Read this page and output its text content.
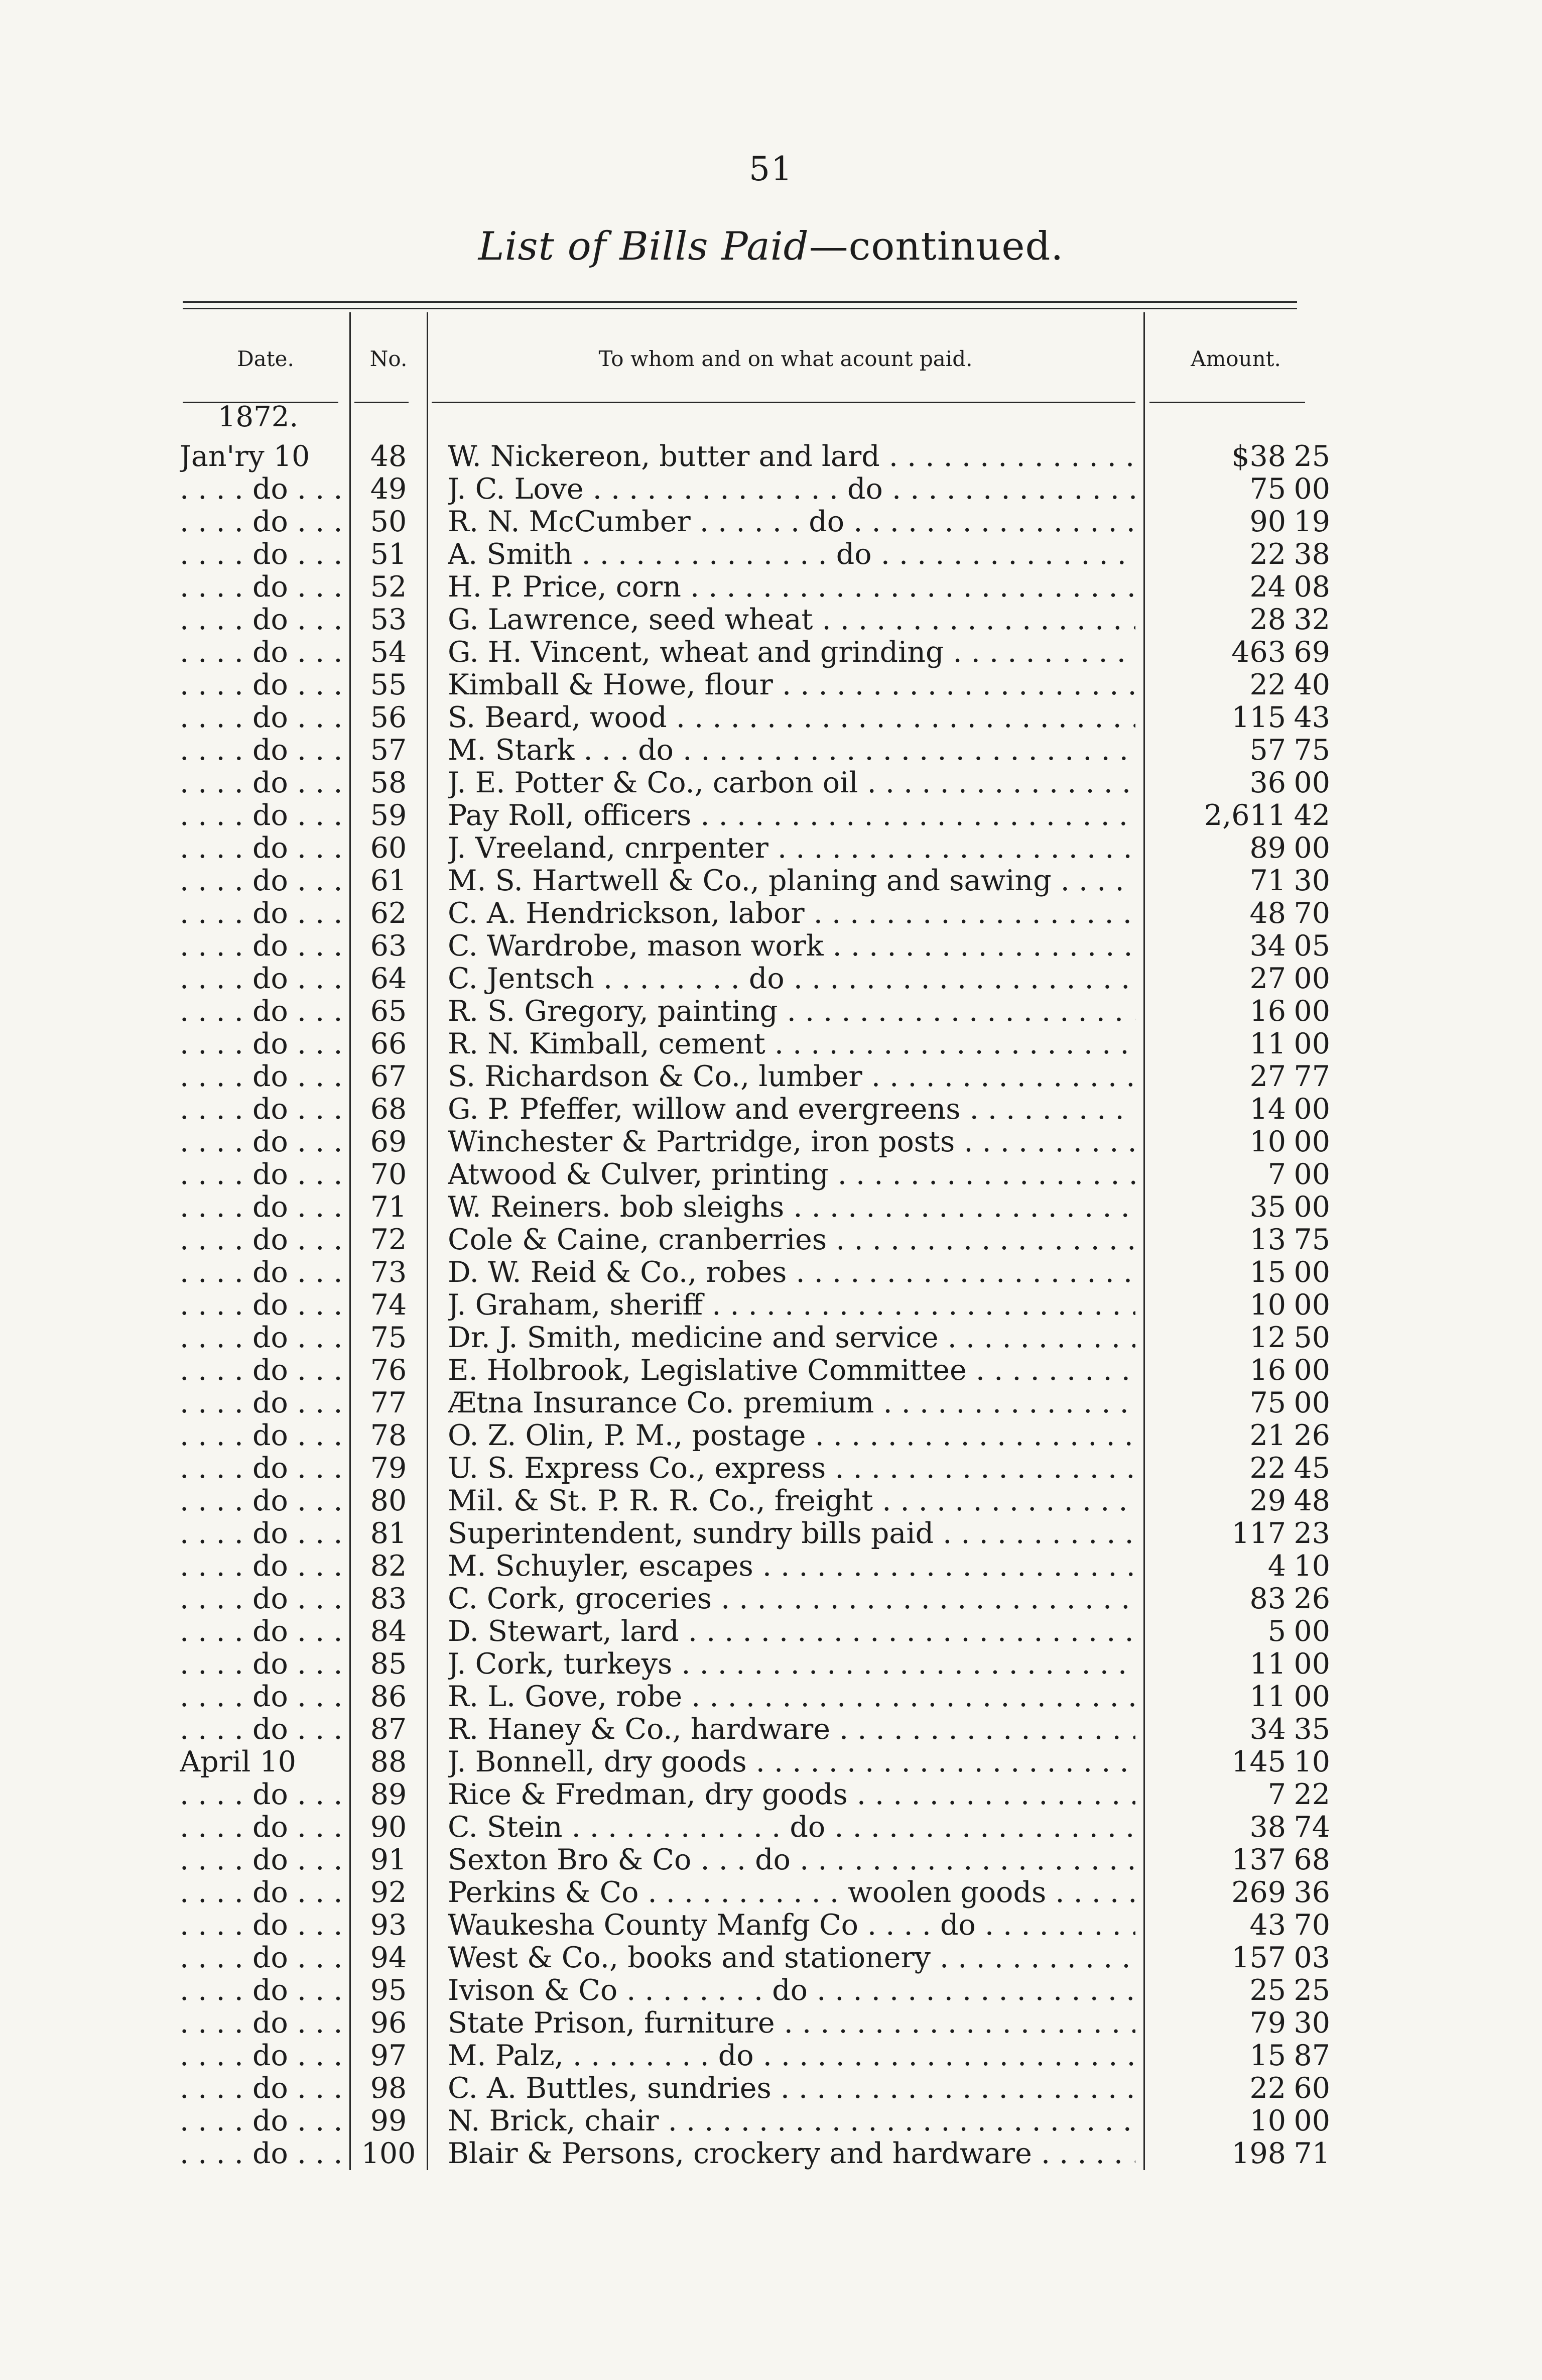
51
List of Bills Paid—continued.
Date.	No.	To whom and on what acount paid.	Amount.
1872.
Jan'ry 10	48	W. Nickereon, butter and lard . . .	$38 25
. . . . do . . .	49	J. C. Love . . . . . . . . . . . . . . do . . .	75 00
. . . . do . . .	50	R. N. McCumber . . . . . . do . . .	90 19
. . . . do . . .	51	A. Smith . . . . . . . . . . . . . . do . . .	22 38
. . . . do . . .	52	H. P. Price, corn . . .	24 08
. . . . do . . .	53	G. Lawrence, seed wheat . . .	28 32
. . . . do . . .	54	G. H. Vincent, wheat and grinding . . .	463 69
. . . . do . . .	55	Kimball & Howe, flour . . .	22 40
. . . . do . . .	56	S. Beard, wood . . .	115 43
. . . . do . . .	57	M. Stark . . . do . . .	57 75
. . . . do . . .	58	J. E. Potter & Co., carbon oil . . .	36 00
. . . . do . . .	59	Pay Roll, officers . . .	2,611 42
. . . . do . . .	60	J. Vreeland, cnrpenter . . .	89 00
. . . . do . . .	61	M. S. Hartwell & Co., planing and sawing . . .	71 30
. . . . do . . .	62	C. A. Hendrickson, labor . . .	48 70
. . . . do . . .	63	C. Wardrobe, mason work . . .	34 05
. . . . do . . .	64	C. Jentsch . . . . . . . . do . . .	27 00
. . . . do . . .	65	R. S. Gregory, painting . . .	16 00
. . . . do . . .	66	R. N. Kimball, cement . . .	11 00
. . . . do . . .	67	S. Richardson & Co., lumber . . .	27 77
. . . . do . . .	68	G. P. Pfeffer, willow and evergreens . . .	14 00
. . . . do . . .	69	Winchester & Partridge, iron posts . . .	10 00
. . . . do . . .	70	Atwood & Culver, printing . . .	7 00
. . . . do . . .	71	W. Reiners. bob sleighs . . .	35 00
. . . . do . . .	72	Cole & Caine, cranberries . . .	13 75
. . . . do . . .	73	D. W. Reid & Co., robes . . .	15 00
. . . . do . . .	74	J. Graham, sheriff . . .	10 00
. . . . do . . .	75	Dr. J. Smith, medicine and service . . .	12 50
. . . . do . . .	76	E. Holbrook, Legislative Committee . . .	16 00
. . . . do . . .	77	Ætna Insurance Co. premium . . .	75 00
. . . . do . . .	78	O. Z. Olin, P. M., postage . . .	21 26
. . . . do . . .	79	U. S. Express Co., express . . .	22 45
. . . . do . . .	80	Mil. & St. P. R. R. Co., freight . . .	29 48
. . . . do . . .	81	Superintendent, sundry bills paid . . .	117 23
. . . . do . . .	82	M. Schuyler, escapes . . .	4 10
. . . . do . . .	83	C. Cork, groceries . . .	83 26
. . . . do . . .	84	D. Stewart, lard . . .	5 00
. . . . do . . .	85	J. Cork, turkeys . . .	11 00
. . . . do . . .	86	R. L. Gove, robe . . .	11 00
. . . . do . . .	87	R. Haney & Co., hardware . . .	34 35
April 10	88	J. Bonnell, dry goods . . .	145 10
. . . . do . . .	89	Rice & Fredman, dry goods . . .	7 22
. . . . do . . .	90	C. Stein . . . . . . . . . . . . do . . .	38 74
. . . . do . . .	91	Sexton Bro & Co . . . do . . .	137 68
. . . . do . . .	92	Perkins & Co . . . . . . . . . . . woolen goods . . .	269 36
. . . . do . . .	93	Waukesha County Manfg Co . . . . do . . .	43 70
. . . . do . . .	94	West & Co., books and stationery . . .	157 03
. . . . do . . .	95	Ivison & Co . . . . . . . . do . . .	25 25
. . . . do . . .	96	State Prison, furniture . . .	79 30
. . . . do . . .	97	M. Palz, . . . . . . . . do . . .	15 87
. . . . do . . .	98	C. A. Buttles, sundries . . .	22 60
. . . . do . . .	99	N. Brick, chair . . .	10 00
. . . . do . . .	100 Blair & Persons, crockery and hardware . . .	198 71
